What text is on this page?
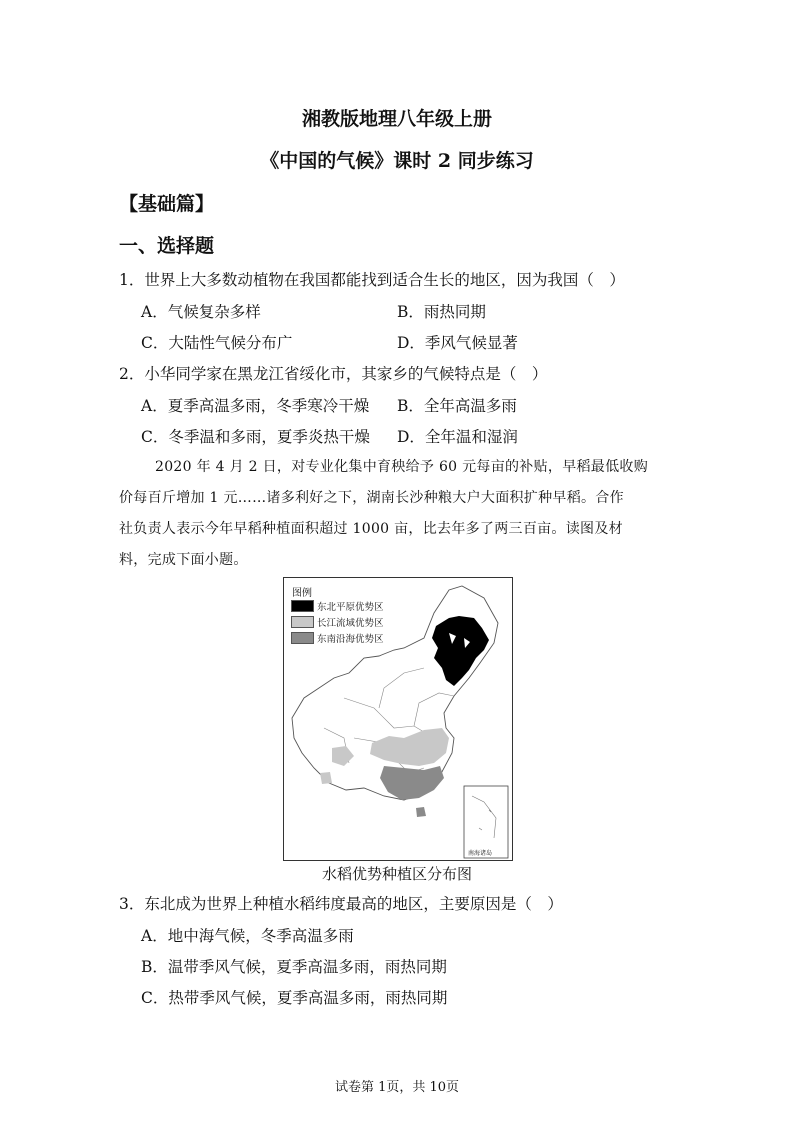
湘教版地理八年级上册
《中国的气候》课时 2 同步练习
【基础篇】
一、选择题
1．世界上大多数动植物在我国都能找到适合生长的地区，因为我国（　）
A．气候复杂多样	B．雨热同期
C．大陆性气候分布广	D．季风气候显著
2．小华同学家在黑龙江省绥化市，其家乡的气候特点是（　）
A．夏季高温多雨，冬季寒冷干燥 B．全年高温多雨
C．冬季温和多雨，夏季炎热干燥 D．全年温和湿润
2020 年 4 月 2 日，对专业化集中育秧给予 60 元每亩的补贴，早稻最低收购
价每百斤增加 1 元……诸多利好之下，湖南长沙种粮大户大面积扩种早稻。合作
社负责人表示今年早稻种植面积超过 1000 亩，比去年多了两三百亩。读图及材
料，完成下面小题。
图例
东北平原优势区
长江流域优势区
东南沿海优势区
南海诸岛
水稻优势种植区分布图
3．东北成为世界上种植水稻纬度最高的地区，主要原因是（　）
A．地中海气候，冬季高温多雨
B．温带季风气候，夏季高温多雨，雨热同期
C．热带季风气候，夏季高温多雨，雨热同期
试卷第 1页，共 10页
